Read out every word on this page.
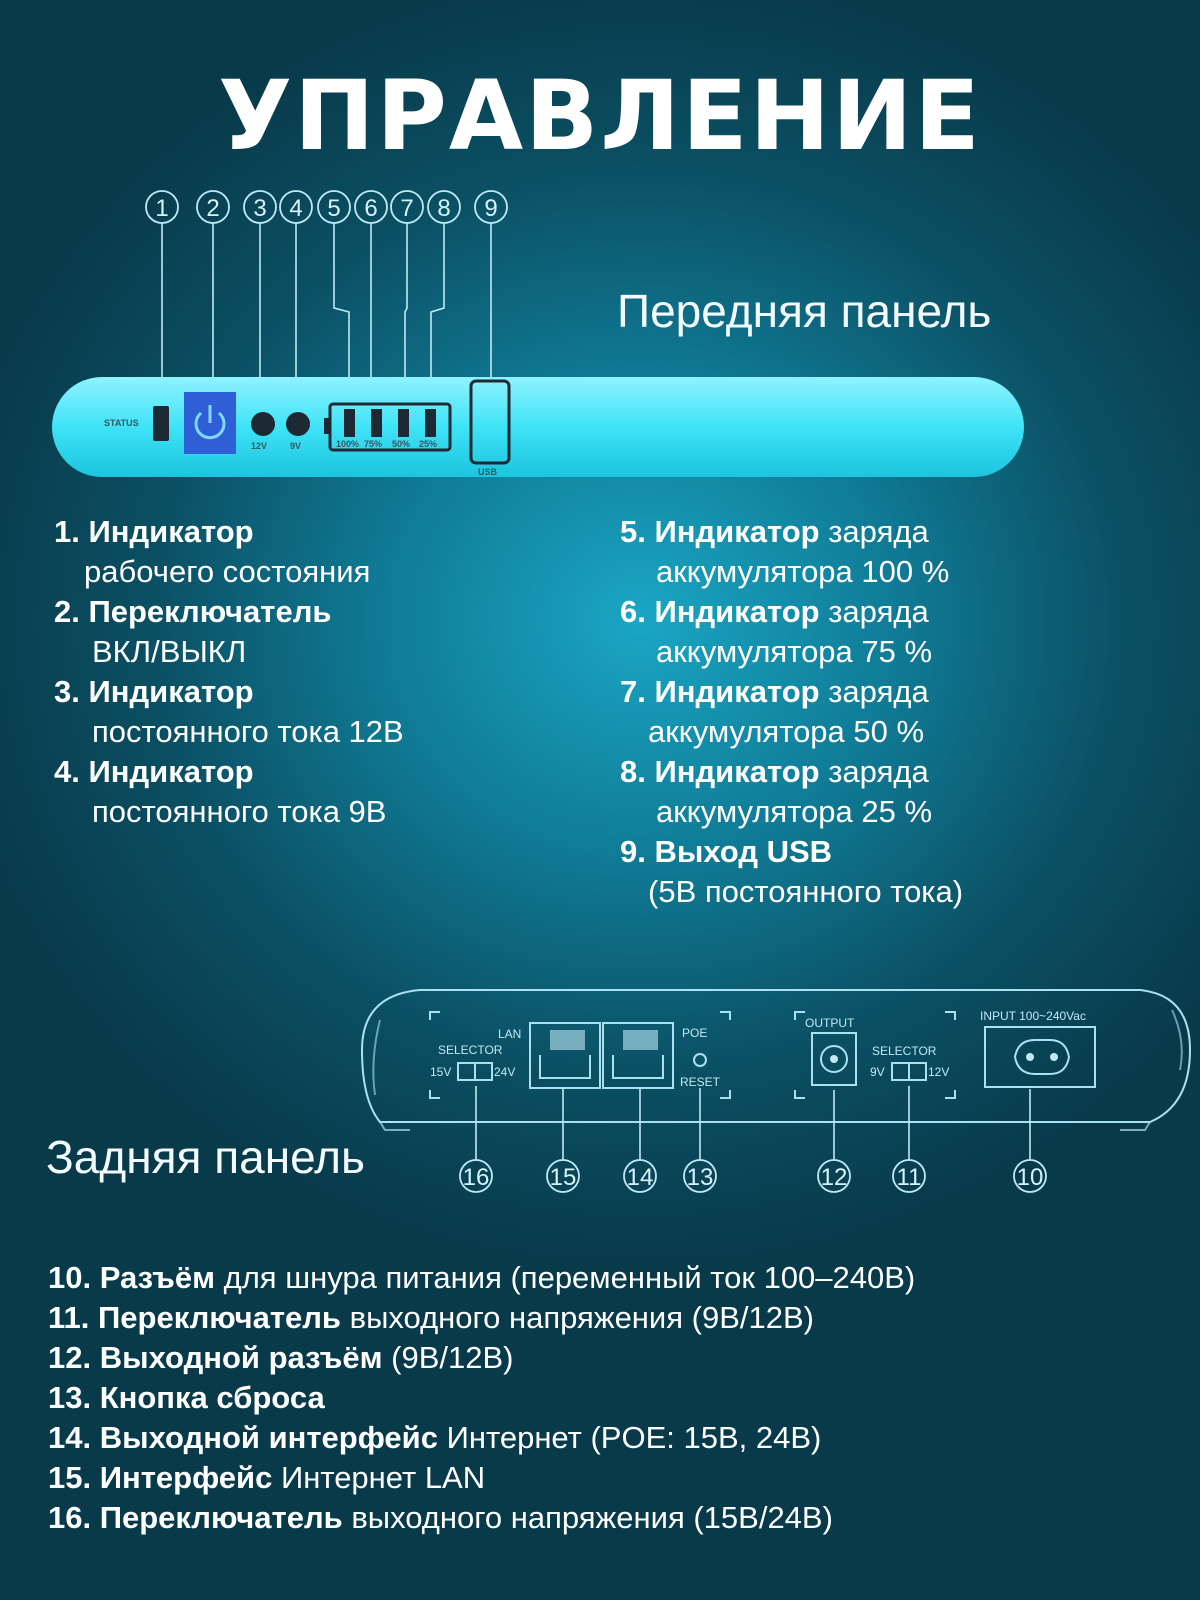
УПРАВЛЕНИЕ
1 2 3 4 5 6 7 8 9
STATUS
12V	9V	100% 75% 50% 25%
USB
SELECTOR
15V	24V
LAN	POE
RESET
OUTPUT
SELECTOR
9V	12V
INPUT 100~240Vac
16	15 14 13	12 11	10
Передняя панель
Задняя панель
1. Индикатор
рабочего состояния
2. Переключатель
ВКЛ/ВЫКЛ
3. Индикатор
постоянного тока 12В
4. Индикатор
постоянного тока 9В
5. Индикатор заряда
аккумулятора 100 %
6. Индикатор заряда
аккумулятора 75 %
7. Индикатор заряда
аккумулятора 50 %
8. Индикатор заряда
аккумулятора 25 %
9. Выход USB
(5В постоянного тока)
10. Разъём для шнура питания (переменный ток 100–240В)
11. Переключатель выходного напряжения (9В/12В)
12. Выходной разъём (9В/12В)
13. Кнопка сброса
14. Выходной интерфейс Интернет (POE: 15В, 24В)
15. Интерфейс Интернет LAN
16. Переключатель выходного напряжения (15В/24В)
